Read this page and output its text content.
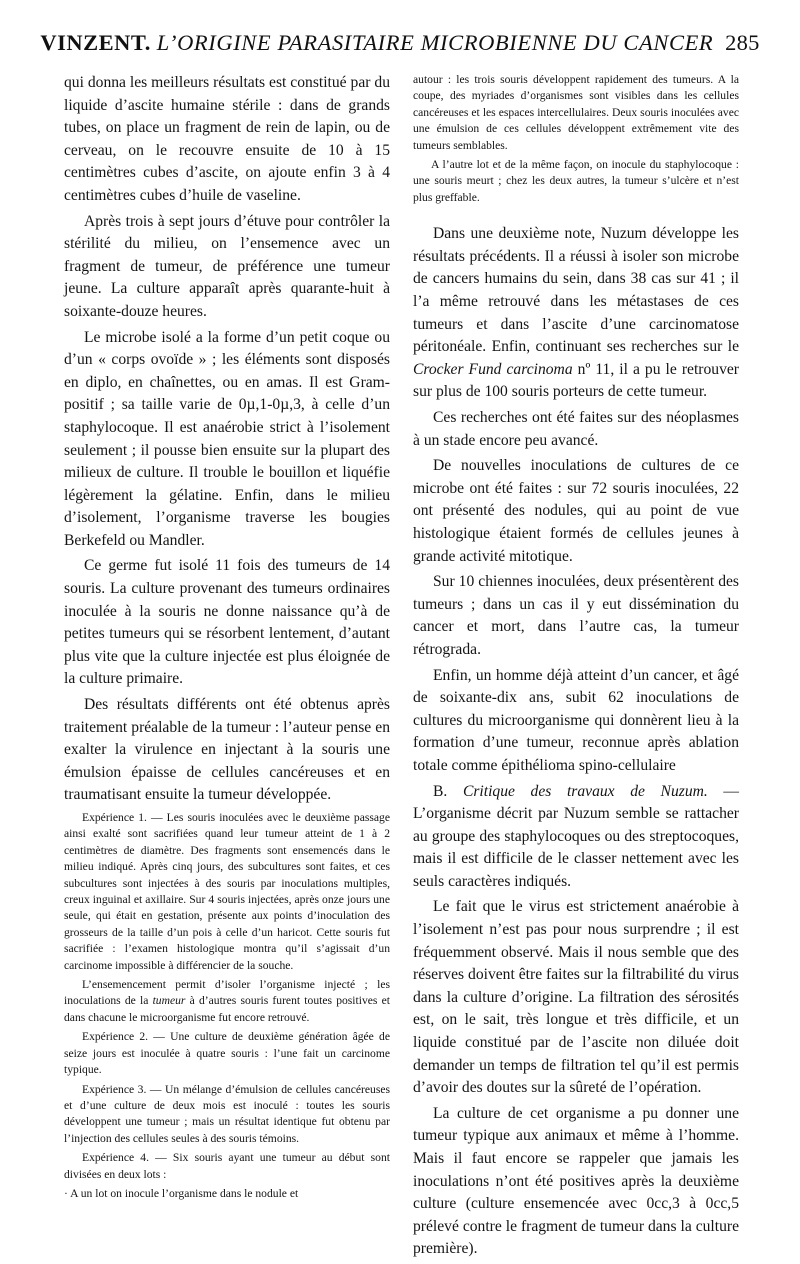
VINZENT. L’ORIGINE PARASITAIRE MICROBIENNE DU CANCER 285

qui donna les meilleurs résultats est constitué par du liquide d’ascite humaine stérile : dans de grands tubes, on place un fragment de rein de lapin, ou de cerveau, on le recouvre ensuite de 10 à 15 centimètres cubes d’ascite, on ajoute enfin 3 à 4 centimètres cubes d’huile de vaseline.

Après trois à sept jours d’étuve pour contrôler la stérilité du milieu, on l’ensemence avec un fragment de tumeur, de préférence une tumeur jeune. La culture apparaît après quarante-huit à soixante-douze heures.

Le microbe isolé a la forme d’un petit coque ou d’un « corps ovoïde » ; les éléments sont disposés en diplo, en chaînettes, ou en amas. Il est Gram-positif ; sa taille varie de 0µ,1-0µ,3, à celle d’un staphylocoque. Il est anaérobie strict à l’isolement seulement ; il pousse bien ensuite sur la plupart des milieux de culture. Il trouble le bouillon et liquéfie légèrement la gélatine. Enfin, dans le milieu d’isolement, l’organisme traverse les bougies Berkefeld ou Mandler.

Ce germe fut isolé 11 fois des tumeurs de 14 souris. La culture provenant des tumeurs ordinaires inoculée à la souris ne donne naissance qu’à de petites tumeurs qui se résorbent lentement, d’autant plus vite que la culture injectée est plus éloignée de la culture primaire.

Des résultats différents ont été obtenus après traitement préalable de la tumeur : l’auteur pense en exalter la virulence en injectant à la souris une émulsion épaisse de cellules cancéreuses et en traumatisant ensuite la tumeur développée.

Expérience 1. — Les souris inoculées avec le deuxième passage ainsi exalté sont sacrifiées quand leur tumeur atteint de 1 à 2 centimètres de diamètre. Des fragments sont ensemencés dans le milieu indiqué. Après cinq jours, des subcultures sont faites, et ces subcultures sont injectées à des souris par inoculations multiples, creux inguinal et axillaire. Sur 4 souris injectées, après onze jours une seule, qui était en gestation, présente aux points d’inoculation des grosseurs de la taille d’un pois à celle d’un haricot. Cette souris fut sacrifiée : l’examen histologique montra qu’il s’agissait d’un carcinome impossible à différencier de la souche.

L’ensemencement permit d’isoler l’organisme injecté ; les inoculations de la tumeur à d’autres souris furent toutes positives et dans chacune le microorganisme fut encore retrouvé.

Expérience 2. — Une culture de deuxième génération âgée de seize jours est inoculée à quatre souris : l’une fait un carcinome typique.

Expérience 3. — Un mélange d’émulsion de cellules cancéreuses et d’une culture de deux mois est inoculé : toutes les souris développent une tumeur ; mais un résultat identique fut obtenu par l’injection des cellules seules à des souris témoins.

Expérience 4. — Six souris ayant une tumeur au début sont divisées en deux lots :

· A un lot on inocule l’organisme dans le nodule et

autour : les trois souris développent rapidement des tumeurs. A la coupe, des myriades d’organismes sont visibles dans les cellules cancéreuses et les espaces intercellulaires. Deux souris inoculées avec une émulsion de ces cellules développent extrêmement vite des tumeurs semblables.

A l’autre lot et de la même façon, on inocule du staphylocoque : une souris meurt ; chez les deux autres, la tumeur s’ulcère et n’est plus greffable.

Dans une deuxième note, Nuzum développe les résultats précédents. Il a réussi à isoler son microbe de cancers humains du sein, dans 38 cas sur 41 ; il l’a même retrouvé dans les métastases de ces tumeurs et dans l’ascite d’une carcinomatose péritonéale. Enfin, continuant ses recherches sur le Crocker Fund carcinoma nº 11, il a pu le retrouver sur plus de 100 souris porteurs de cette tumeur.

Ces recherches ont été faites sur des néoplasmes à un stade encore peu avancé.

De nouvelles inoculations de cultures de ce microbe ont été faites : sur 72 souris inoculées, 22 ont présenté des nodules, qui au point de vue histologique étaient formés de cellules jeunes à grande activité mitotique.

Sur 10 chiennes inoculées, deux présentèrent des tumeurs ; dans un cas il y eut dissémination du cancer et mort, dans l’autre cas, la tumeur rétrograda.

Enfin, un homme déjà atteint d’un cancer, et âgé de soixante-dix ans, subit 62 inoculations de cultures du microorganisme qui donnèrent lieu à la formation d’une tumeur, reconnue après ablation totale comme épithélioma spino-cellulaire

B. Critique des travaux de Nuzum. — L’organisme décrit par Nuzum semble se rattacher au groupe des staphylocoques ou des streptocoques, mais il est difficile de le classer nettement avec les seuls caractères indiqués.

Le fait que le virus est strictement anaérobie à l’isolement n’est pas pour nous surprendre ; il est fréquemment observé. Mais il nous semble que des réserves doivent être faites sur la filtrabilité du virus dans la culture d’origine. La filtration des sérosités est, on le sait, très longue et très difficile, et un liquide constitué par de l’ascite non diluée doit demander un temps de filtration tel qu’il est permis d’avoir des doutes sur la sûreté de l’opération.

La culture de cet organisme a pu donner une tumeur typique aux animaux et même à l’homme. Mais il faut encore se rappeler que jamais les inoculations n’ont été positives après la deuxième culture (culture ensemencée avec 0cc,3 à 0cc,5 prélevé contre le fragment de tumeur dans la culture première).
